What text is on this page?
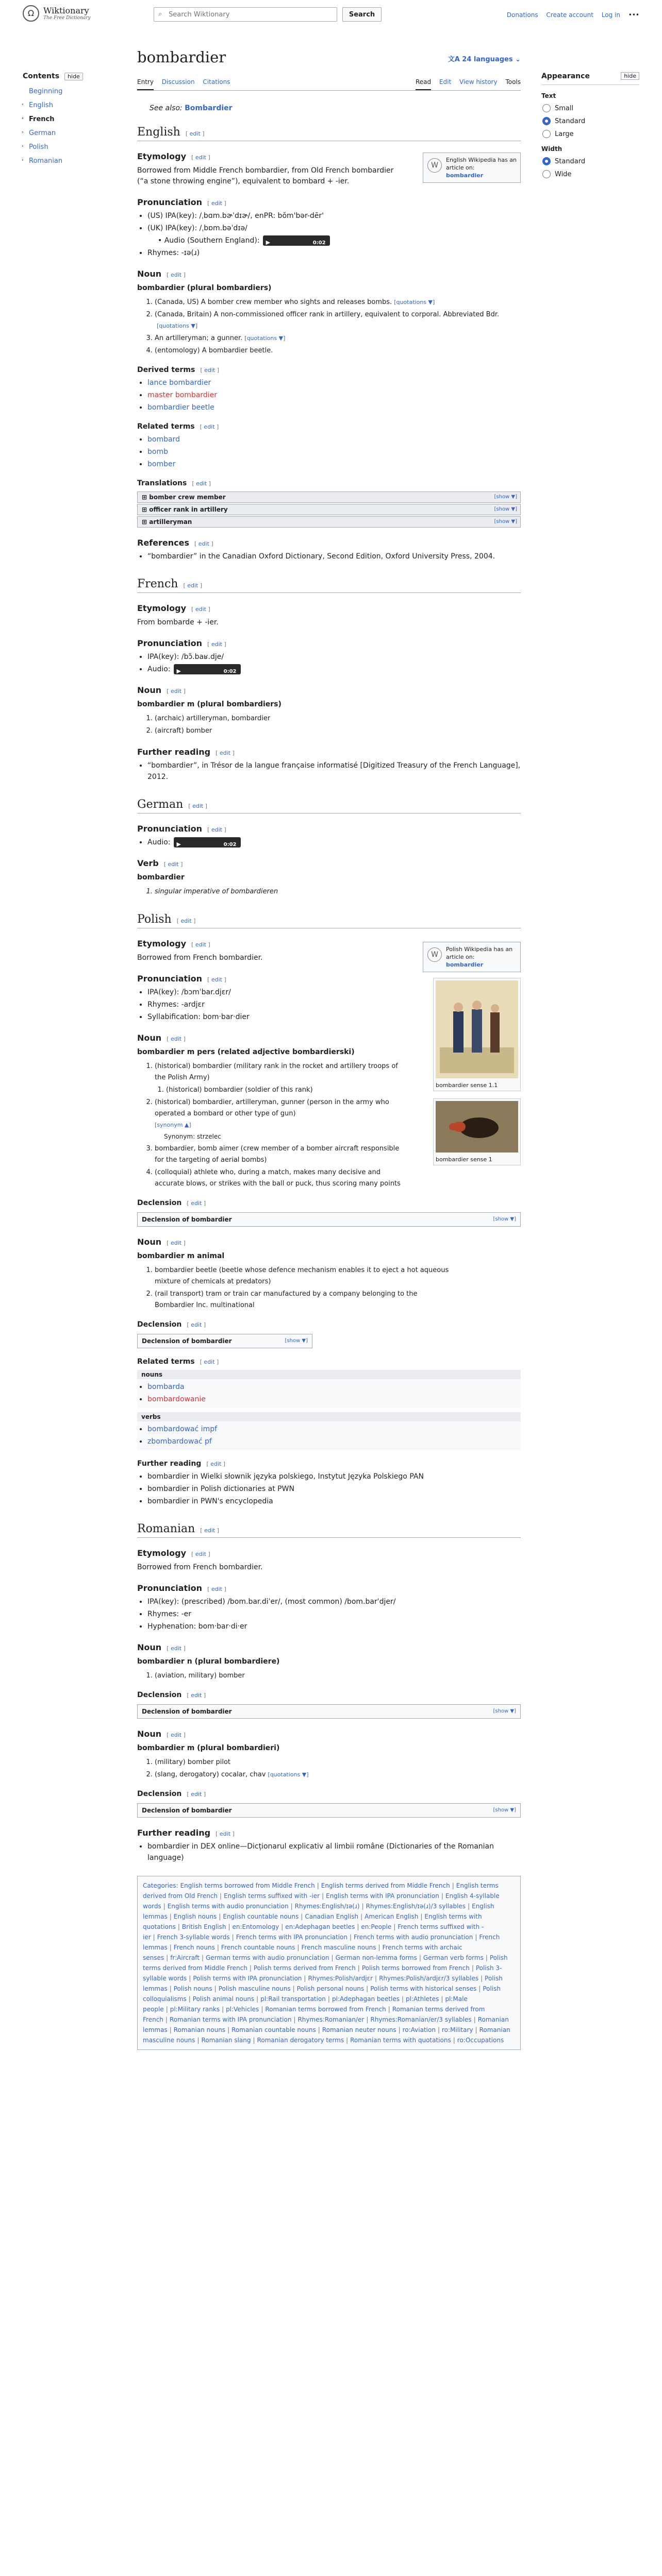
Ω Wiktionary
The Free Dictionary	⌕
Search Wiktionary	Search	Donations Create account Log in •••
Contents hide
Beginning
› English
› French
› German
› Polish
› Romanian
Appearance	hide
Text
Small
Standard
Large
Width
Standard
Wide
bombardier	文A 24 languages ⌄
Entry Discussion Citations	Read Edit View history Tools
See also: Bombardier
English [ edit ]
W
English Wikipedia has an article on:
bombardier
Etymology [ edit ]

Borrowed from Middle French bombardier, from Old French bombardier (“a stone throwing engine”), equivalent to bombard + -ier.

Pronunciation [ edit ]
• (US) IPA(key): /ˌbɑm.bɚˈdɪɚ/, enPR: bŏm'bər-dēr'
• (UK) IPA(key): /ˌbɒm.bəˈdɪə/
• Audio (Southern England): ▶	0:02
• Rhymes: -ɪə(ɹ)
Noun [ edit ]

bombardier (plural bombardiers)

1. (Canada, US) A bomber crew member who sights and releases bombs. [quotations ▼]
2. (Canada, Britain) A non-commissioned officer rank in artillery, equivalent to corporal. Abbreviated Bdr.[quotations ▼]
3. An artilleryman; a gunner. [quotations ▼]
4. (entomology) A bombardier beetle.
Derived terms [ edit ]
• lance bombardier
• master bombardier
• bombardier beetle
Related terms [ edit ]
• bombard
• bomb
• bomber
Translations [ edit ]
⊞ bomber crew member	[show ▼]
⊞ officer rank in artillery	[show ▼]
⊞ artilleryman	[show ▼]
References [ edit ]
• “bombardier” in the Canadian Oxford Dictionary, Second Edition, Oxford University Press, 2004.
French [ edit ]
Etymology [ edit ]

From bombarde + -ier.

Pronunciation [ edit ]
• IPA(key): /bɔ̃.baʁ.dje/
• Audio: ▶	0:02
Noun [ edit ]

bombardier m (plural bombardiers)

1. (archaic) artilleryman, bombardier
2. (aircraft) bomber
Further reading [ edit ]
• “bombardier”, in Trésor de la langue française informatisé [Digitized Treasury of the French Language], 2012.
German [ edit ]
Pronunciation [ edit ]
• Audio: ▶	0:02
Verb [ edit ]

bombardier

1. singular imperative of bombardieren
Polish [ edit ]
W
Polish Wikipedia has an article on:
bombardier
bombardier sense 1.1
bombardier sense 1
Etymology [ edit ]

Borrowed from French bombardier.

Pronunciation [ edit ]
• IPA(key): /bɔmˈbar.djɛr/
• Rhymes: -ardjɛr
• Syllabification: bom‧bar‧dier
Noun [ edit ]

bombardier m pers (related adjective bombardierski)

1. (historical) bombardier (military rank in the rocket and artillery troops of the Polish Army)
1. (historical) bombardier (soldier of this rank)
2. (historical) bombardier, artilleryman, gunner (person in the army who operated a bombard or other type of gun)
[synonym ▲]
Synonym: strzelec
3. bombardier, bomb aimer (crew member of a bomber aircraft responsible for the targeting of aerial bombs)
4. (colloquial) athlete who, during a match, makes many decisive and accurate blows, or strikes with the ball or puck, thus scoring many points
Declension [ edit ]
Declension of bombardier	[show ▼]
Noun [ edit ]

bombardier m animal

1. bombardier beetle (beetle whose defence mechanism enables it to eject a hot aqueous mixture of chemicals at predators)
2. (rail transport) tram or train car manufactured by a company belonging to the Bombardier Inc. multinational
Declension [ edit ]
Declension of bombardier	[show ▼]
Related terms [ edit ]
nouns
• bombarda
• bombardowanie
verbs
• bombardować impf
• zbombardować pf
Further reading [ edit ]
• bombardier in Wielki słownik języka polskiego, Instytut Języka Polskiego PAN
• bombardier in Polish dictionaries at PWN
• bombardier in PWN's encyclopedia
Romanian [ edit ]
Etymology [ edit ]

Borrowed from French bombardier.

Pronunciation [ edit ]
• IPA(key): (prescribed) /bom.bar.diˈer/, (most common) /bom.barˈdjer/
• Rhymes: -er
• Hyphenation: bom‧bar‧di‧er
Noun [ edit ]

bombardier n (plural bombardiere)

1. (aviation, military) bomber
Declension [ edit ]
Declension of bombardier	[show ▼]
Noun [ edit ]

bombardier m (plural bombardieri)

1. (military) bomber pilot
2. (slang, derogatory) cocalar, chav [quotations ▼]
Declension [ edit ]
Declension of bombardier	[show ▼]
Further reading [ edit ]
• bombardier in DEX online—Dicționarul explicativ al limbii române (Dictionaries of the Romanian language)
Categories: English terms borrowed from Middle French | English terms derived from Middle French | English terms derived from Old French | English terms suffixed with -ier | English terms with IPA pronunciation | English 4-syllable words | English terms with audio pronunciation | Rhymes:English/ɪə(ɹ) | Rhymes:English/ɪə(ɹ)/3 syllables | English lemmas | English nouns | English countable nouns | Canadian English | American English | English terms with quotations | British English | en:Entomology | en:Adephagan beetles | en:People | French terms suffixed with -ier | French 3-syllable words | French terms with IPA pronunciation | French terms with audio pronunciation | French lemmas | French nouns | French countable nouns | French masculine nouns | French terms with archaic senses | fr:Aircraft | German terms with audio pronunciation | German non-lemma forms | German verb forms | Polish terms derived from Middle French | Polish terms derived from French | Polish terms borrowed from French | Polish 3-syllable words | Polish terms with IPA pronunciation | Rhymes:Polish/ardjɛr | Rhymes:Polish/ardjɛr/3 syllables | Polish lemmas | Polish nouns | Polish masculine nouns | Polish personal nouns | Polish terms with historical senses | Polish colloquialisms | Polish animal nouns | pl:Rail transportation | pl:Adephagan beetles | pl:Athletes | pl:Male people | pl:Military ranks | pl:Vehicles | Romanian terms borrowed from French | Romanian terms derived from French | Romanian terms with IPA pronunciation | Rhymes:Romanian/er | Rhymes:Romanian/er/3 syllables | Romanian lemmas | Romanian nouns | Romanian countable nouns | Romanian neuter nouns | ro:Aviation | ro:Military | Romanian masculine nouns | Romanian slang | Romanian derogatory terms | Romanian terms with quotations | ro:Occupations
